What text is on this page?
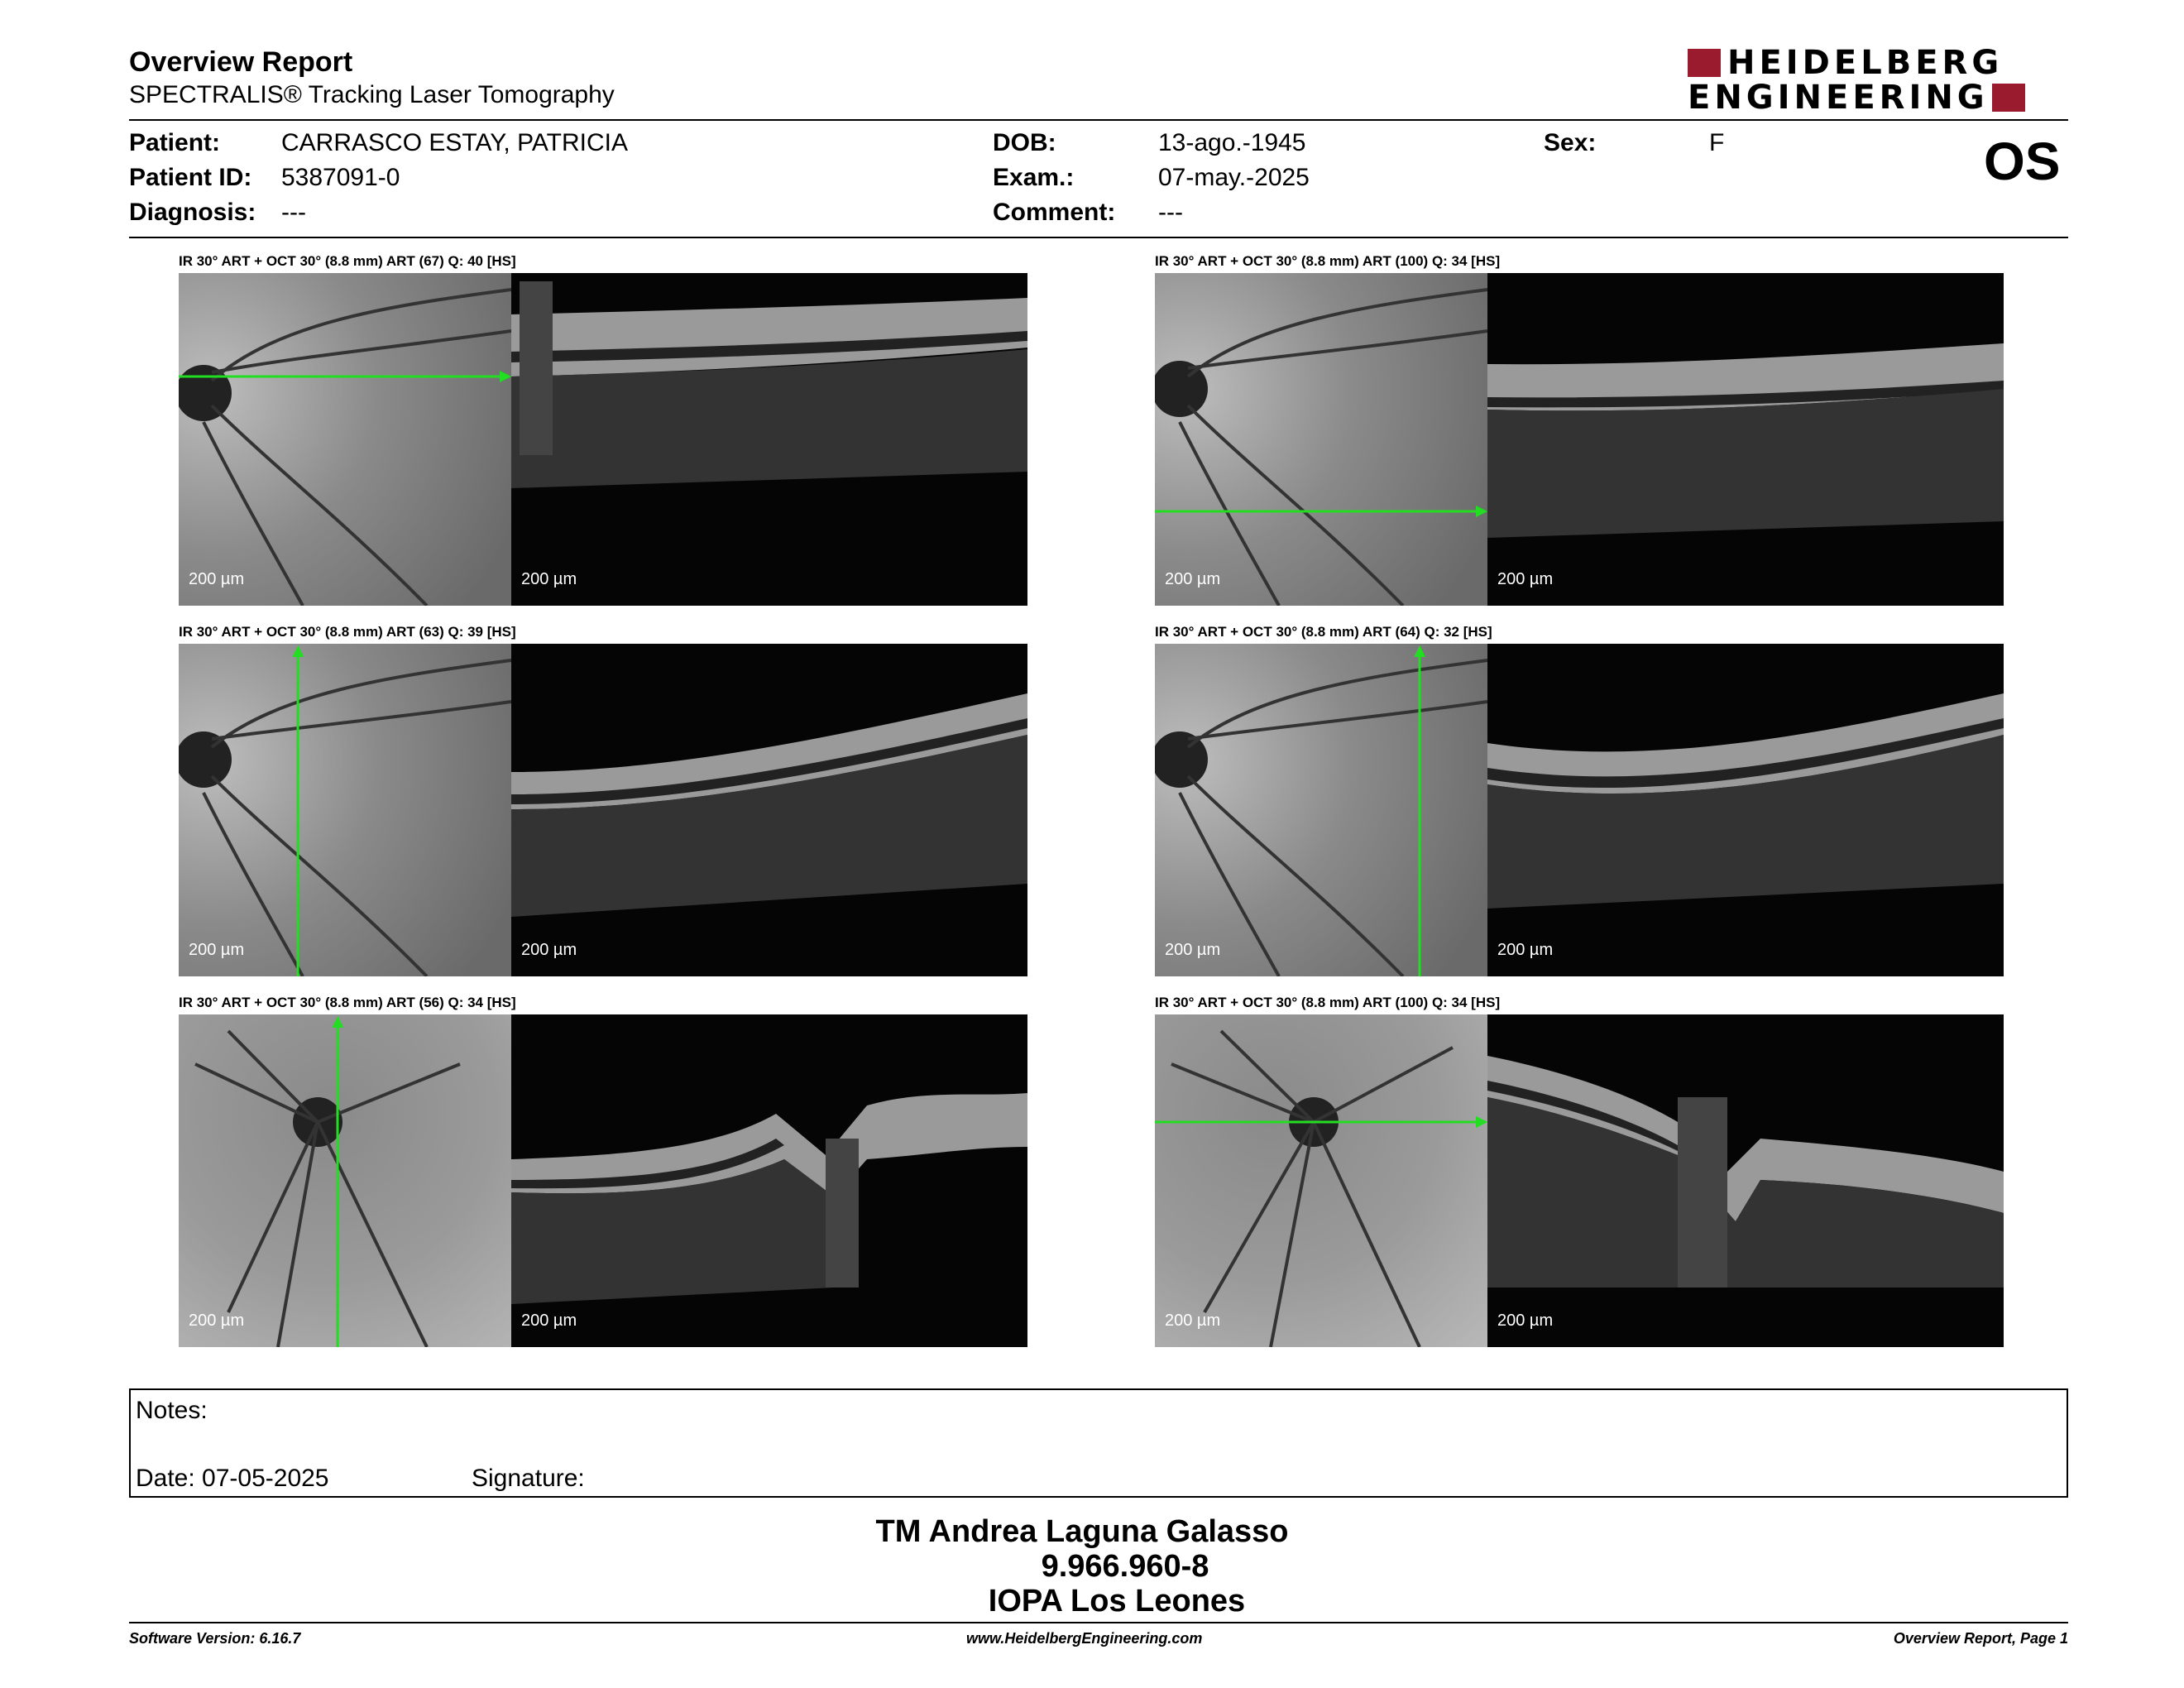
Overview Report
SPECTRALIS® Tracking Laser Tomography
HEIDELBERG
ENGINEERING
Patient: CARRASCO ESTAY, PATRICIA
Patient ID: 5387091-0
Diagnosis: ---
DOB:	13-ago.-1945
Exam.:	07-may.-2025
Comment: ---
Sex:	F	OS
IR 30° ART + OCT 30° (8.8 mm) ART (67) Q: 40 [HS]
200 µm	200 µm
IR 30° ART + OCT 30° (8.8 mm) ART (100) Q: 34 [HS]
200 µm	200 µm
IR 30° ART + OCT 30° (8.8 mm) ART (63) Q: 39 [HS]
200 µm	200 µm
IR 30° ART + OCT 30° (8.8 mm) ART (64) Q: 32 [HS]
200 µm	200 µm
IR 30° ART + OCT 30° (8.8 mm) ART (56) Q: 34 [HS]
200 µm	200 µm
IR 30° ART + OCT 30° (8.8 mm) ART (100) Q: 34 [HS]
200 µm	200 µm
Notes:
Date: 07-05-2025	Signature:
TM Andrea Laguna Galasso
9.966.960-8
IOPA Los Leones
Software Version: 6.16.7	www.HeidelbergEngineering.com	Overview Report, Page 1
